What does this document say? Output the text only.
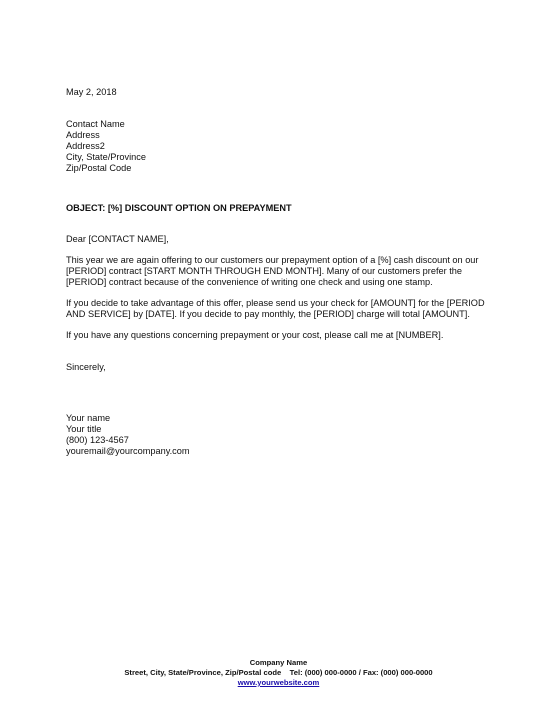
May 2, 2018
Contact Name
Address
Address2
City, State/Province
Zip/Postal Code
OBJECT: [%] DISCOUNT OPTION ON PREPAYMENT
Dear [CONTACT NAME],
This year we are again offering to our customers our prepayment option of a [%] cash discount on our
[PERIOD] contract [START MONTH THROUGH END MONTH]. Many of our customers prefer the
[PERIOD] contract because of the convenience of writing one check and using one stamp.
If you decide to take advantage of this offer, please send us your check for [AMOUNT] for the [PERIOD
AND SERVICE] by [DATE]. If you decide to pay monthly, the [PERIOD] charge will total [AMOUNT].
If you have any questions concerning prepayment or your cost, please call me at [NUMBER].
Sincerely,
Your name
Your title
(800) 123-4567
youremail@yourcompany.com
Company Name
Street, City, State/Province, Zip/Postal code Tel: (000) 000-0000 / Fax: (000) 000-0000
www.yourwebsite.com
